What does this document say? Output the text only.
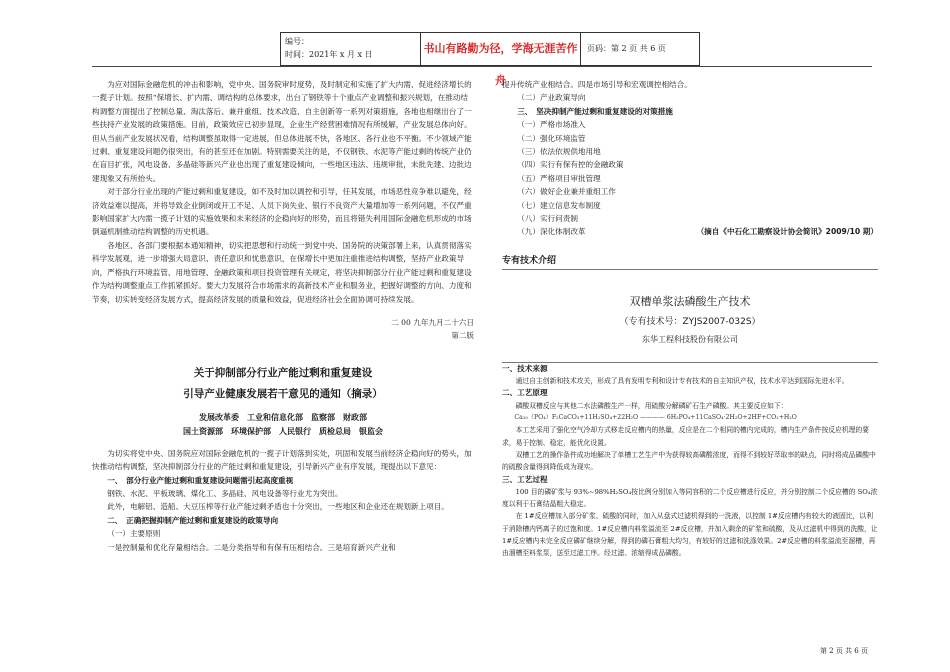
编号：
时间：2021年 x 月 x 日	书山有路勤为径，学海无涯苦作舟
页码：第 2 页 共 6 页

为应对国际金融危机的冲击和影响，党中央、国务院审时度势，及时制定和实施了扩大内需、促进经济增长的一揽子计划。按照“保增长、扩内需、调结构的总体要求，出台了钢铁等十个重点产业调整和振兴规划，在推动结构调整方面提出了控制总量、淘汰落后、兼并重组、技术改造、自主创新等一系列对策措施，各地也相继出台了一些扶持产业发展的政策措施。目前，政策效应已初步显现，企业生产经营困难情况有所缓解，产业发展总体向好。但从当前产业发展状况看，结构调整虽取得一定进展，但总体进展不快，各地区、各行业也不平衡。不少领域产能过剩、重复建设问题仍很突出，有的甚至还在加剧。特别需要关注的是，不仅钢铁、水泥等产能过剩的传统产业仍在盲目扩张，风电设备、多晶硅等新兴产业也出现了重复建设倾向，一些地区违法、违规审批，未批先建、边批边建现象又有所抬头。

对于部分行业出现的产能过剩和重复建设，如不及时加以调控和引导，任其发展，市场恶性竞争难以避免，经济效益难以提高，并将导致企业倒闭或开工不足、人员下岗失业、银行不良资产大量增加等一系列问题，不仅严重影响国家扩大内需一揽子计划的实施效果和未来经济的企稳向好的形势，而且将错失利用国际金融危机形成的市场倒逼机制推动结构调整的历史机遇。

各地区、各部门要根据本通知精神，切实把思想和行动统一到党中央、国务院的决策部署上来，认真贯彻落实科学发展观，进一步增强大局意识、责任意识和忧患意识，在保增长中更加注重推进结构调整，坚持产业政策导向，严格执行环境监管、用地管理、金融政策和项目投资管理有关规定，将坚决抑制部分行业产能过剩和重复建设作为结构调整重点工作抓紧抓好。要大力发展符合市场需求的高新技术产业和服务业，把握好调整的方向、力度和节奏，切实转变经济发展方式，提高经济发展的质量和效益，促进经济社会全面协调可持续发展。

二 00 九年九月二十六日

第二版

关于抑制部分行业产能过剩和重复建设

引导产业健康发展若干意见的通知（摘录）

发展改革委　工业和信息化部　监察部　财政部

国土资源部　环境保护部　人民银行　质检总局　银监会

为切实将党中央、国务院应对国际金融危机的一揽子计划落到实处，巩固和发展当前经济企稳向好的势头，加快推动结构调整，坚决抑制部分行业的产能过剩和重复建设，引导新兴产业有序发展，现提出以下意见：

一、　部分行业产能过剩和重复建设问题需引起高度重视

钢铁、水泥、平板玻璃、煤化工、多晶硅、风电设备等行业尤为突出。

此外，电解铝、造船、大豆压榨等行业产能过剩矛盾也十分突出，一些地区和企业还在规划新上项目。

二、　正确把握抑制产能过剩和重复建设的政策导向

（一）主要原则

一是控制量和优化存量相结合。二是分类指导和有保有压相结合。三是培育新兴产业和

提升传统产业相结合。四是市场引导和宏观调控相结合。

（二）产业政策导向

三、　坚决抑制产能过剩和重复建设的对策措施

（一）严格市场准入

（二）强化环境监管

（三）依法依规供地用地

（四）实行有保有控的金融政策

（五）严格项目审批管理

（六）做好企业兼并重组工作

（七）建立信息发布制度

（八）实行问责制

（九）深化体制改革	（摘自《中石化工勘察设计协会简讯》2009/10 期）

专有技术介绍

双槽单浆法磷酸生产技术

（专有技术号：ZYJS2007-032S）

东华工程科技股份有限公司

一、技术来源

通过自主创新和技术攻关，形成了具有发明专利和设计专有技术的自主知识产权，技术水平达到国际先进水平。

二、工艺原理

磷酸双槽反应与其他二水法磷酸生产一样，用硫酸分解磷矿石生产磷酸。其主要反应如下：

Ca₁₀（PO₄）F₂CaCO₃+11H₂SO₄+22H₂O ———— 6H₃PO₄+11CaSO₄·2H₂O+2HF+CO₂+H₂O

本工艺采用了强化空气冷却方式移走反应槽内的热量，反应是在二个相同的槽内完成的，槽内生产条件按反应机理的要求，易于控制、稳定，能优化设置。

双槽工艺的操作条件成功地解决了单槽工艺生产中为获得较高磷酸浓度，而得不到较好萃取率的缺点，同时将成品磷酸中的硫酸含量得到降低成为现实。

三、工艺过程

100 目的磷矿浆与 93%~98%H₂SO₄按比例分别加入等同容积的二个反应槽进行反应，并分别控制二个反应槽的 SO₄浓度以利于石膏结晶粗大稳定。

在 1#反应槽加入部分矿浆、硫酸的同时，加入从盘式过滤机得到的一洗液，以控制 1#反应槽内有较大的液固比，以利于消除槽内钙离子的过饱和度。1#反应槽内料浆溢流至 2#反应槽，并加入剩余的矿浆和硫酸，及从过滤机中得到的洗酸，让 1#反应槽内未完全反应磷矿继续分解，得到的磷石膏粗大均匀，有较好的过滤和洗涤效果。2#反应槽的料浆溢流至溜槽，再由溜槽至料浆泵，送至过滤工序。经过滤、浓缩得成品磷酸。

第 2 页 共 6 页
